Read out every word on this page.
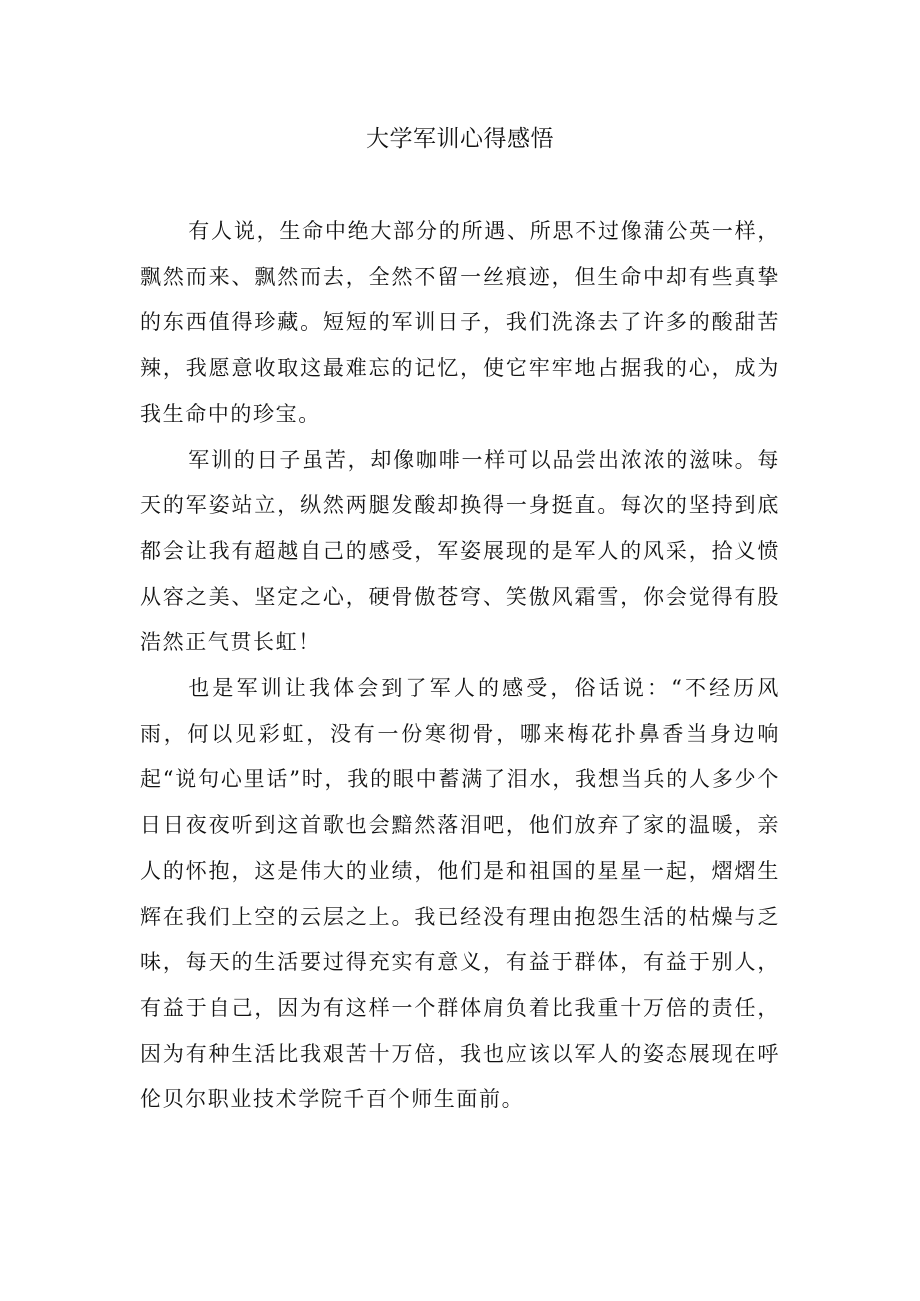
大学军训心得感悟

有人说，生命中绝大部分的所遇、所思不过像蒲公英一样，飘然而来、飘然而去，全然不留一丝痕迹，但生命中却有些真挚的东西值得珍藏。短短的军训日子，我们洗涤去了许多的酸甜苦辣，我愿意收取这最难忘的记忆，使它牢牢地占据我的心，成为我生命中的珍宝。

军训的日子虽苦，却像咖啡一样可以品尝出浓浓的滋味。每天的军姿站立，纵然两腿发酸却换得一身挺直。每次的坚持到底都会让我有超越自己的感受，军姿展现的是军人的风采，拾义愤从容之美、坚定之心，硬骨傲苍穹、笑傲风霜雪，你会觉得有股浩然正气贯长虹！

也是军训让我体会到了军人的感受，俗话说：“不经历风雨，何以见彩虹，没有一份寒彻骨，哪来梅花扑鼻香当身边响起“说句心里话”时，我的眼中蓄满了泪水，我想当兵的人多少个日日夜夜听到这首歌也会黯然落泪吧，他们放弃了家的温暖，亲人的怀抱，这是伟大的业绩，他们是和祖国的星星一起，熠熠生辉在我们上空的云层之上。我已经没有理由抱怨生活的枯燥与乏味，每天的生活要过得充实有意义，有益于群体，有益于别人，有益于自己，因为有这样一个群体肩负着比我重十万倍的责任，因为有种生活比我艰苦十万倍，我也应该以军人的姿态展现在呼伦贝尔职业技术学院千百个师生面前。
